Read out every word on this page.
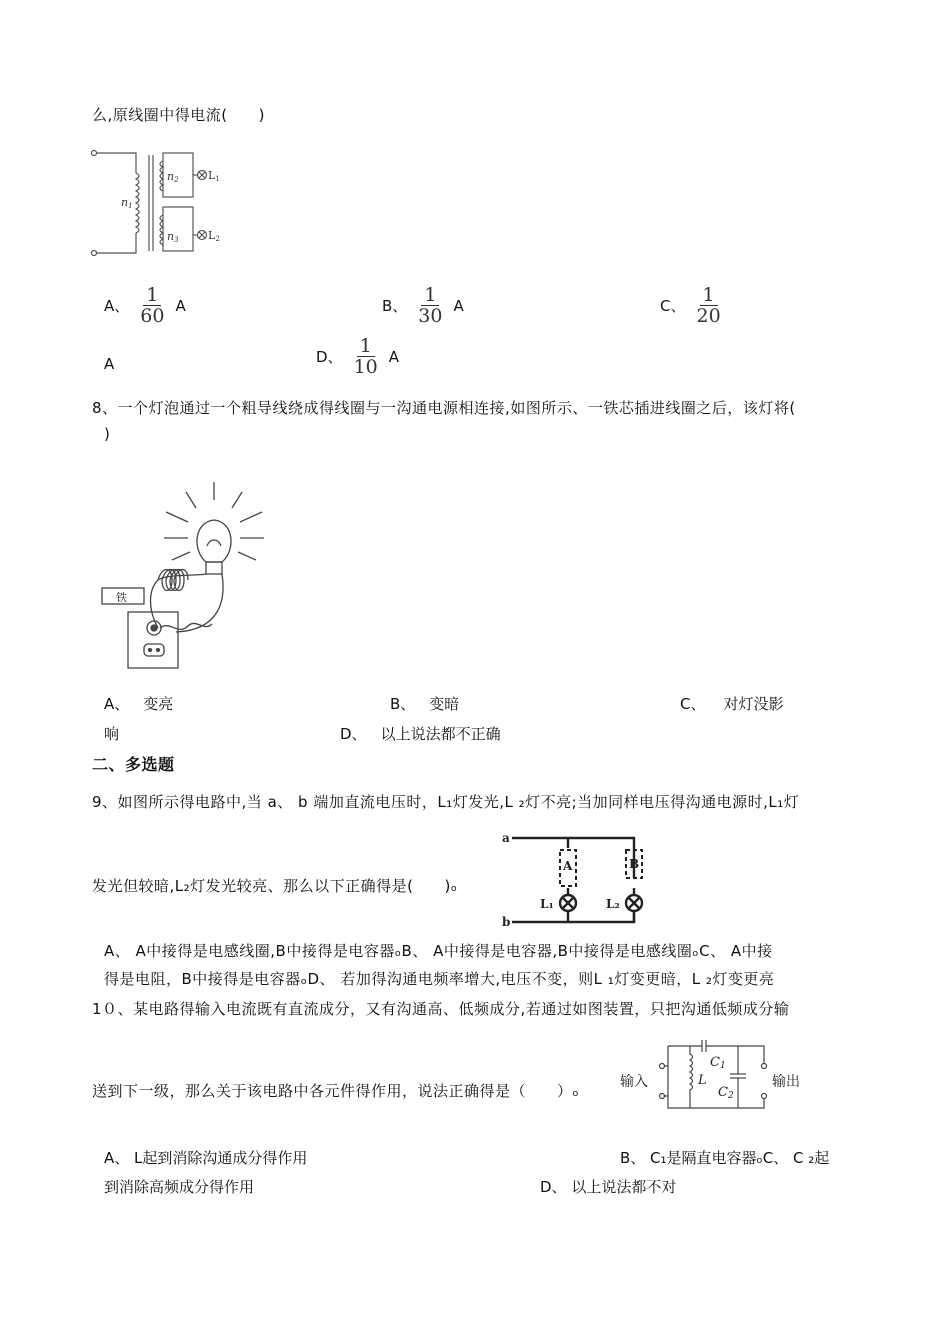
么,原线圈中得电流(　　)
n1
n2
n3
L1
L2
A、 $\frac{1}{60}$ A	B、 $\frac{1}{30}$ A	C、 $\frac{1}{20}$
A	D、 $\frac{1}{10}$ A
8、一个灯泡通过一个粗导线绕成得线圈与一沟通电源相连接,如图所示、一铁芯插进线圈之后，该灯将(
)
铁
A、 变亮	B、 变暗	C、 对灯没影
响	D、 以上说法都不正确
二、多选题
9、如图所示得电路中,当 a、 b 端加直流电压时，L₁灯发光,L ₂灯不亮;当加同样电压得沟通电源时,L₁灯
a
b
A	B
L₁	L₂
发光但较暗,L₂灯发光较亮、那么以下正确得是(　　)ₒ
A、 A中接得是电感线圈,B中接得是电容器ₒB、 A中接得是电容器,B中接得是电感线圈ₒC、 A中接
得是电阻，B中接得是电容器ₒD、 若加得沟通电频率增大,电压不变，则L ₁灯变更暗，L ₂灯变更亮
1０、某电路得输入电流既有直流成分，又有沟通高、低频成分,若通过如图装置，只把沟通低频成分输
输入	输出
L
C1
C2
送到下一级，那么关于该电路中各元件得作用，说法正确得是（　　）ₒ
A、 L起到消除沟通成分得作用	B、 C₁是隔直电容器ₒC、 C ₂起
到消除高频成分得作用	D、 以上说法都不对
